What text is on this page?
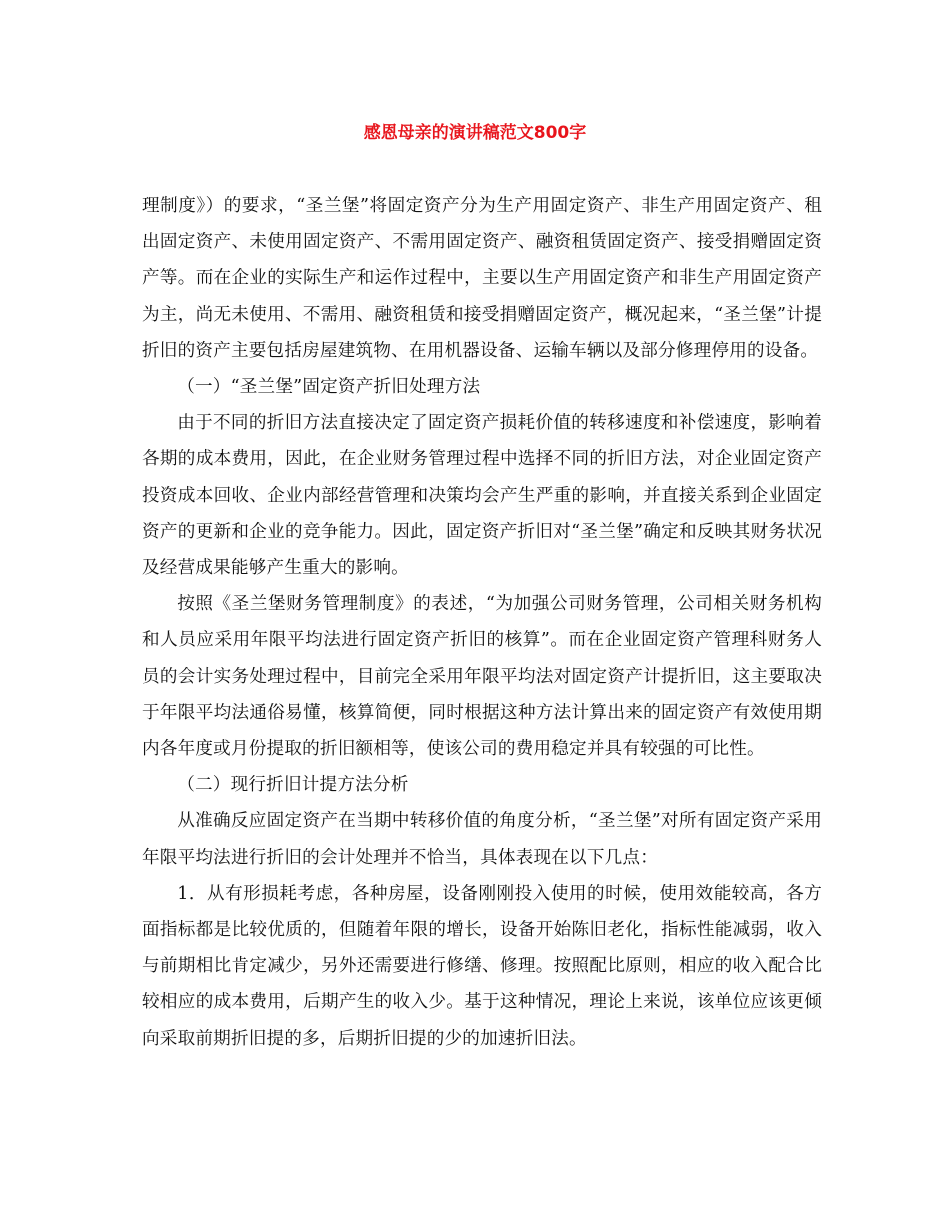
感恩母亲的演讲稿范文800字

理制度》）的要求，“圣兰堡”将固定资产分为生产用固定资产、非生产用固定资产、租出固定资产、未使用固定资产、不需用固定资产、融资租赁固定资产、接受捐赠固定资产等。而在企业的实际生产和运作过程中，主要以生产用固定资产和非生产用固定资产为主，尚无未使用、不需用、融资租赁和接受捐赠固定资产，概况起来，“圣兰堡”计提折旧的资产主要包括房屋建筑物、在用机器设备、运输车辆以及部分修理停用的设备。

（一）“圣兰堡”固定资产折旧处理方法

由于不同的折旧方法直接决定了固定资产损耗价值的转移速度和补偿速度，影响着各期的成本费用，因此，在企业财务管理过程中选择不同的折旧方法，对企业固定资产投资成本回收、企业内部经营管理和决策均会产生严重的影响，并直接关系到企业固定资产的更新和企业的竞争能力。因此，固定资产折旧对“圣兰堡”确定和反映其财务状况及经营成果能够产生重大的影响。

按照《圣兰堡财务管理制度》的表述，“为加强公司财务管理，公司相关财务机构和人员应采用年限平均法进行固定资产折旧的核算”。而在企业固定资产管理科财务人员的会计实务处理过程中，目前完全采用年限平均法对固定资产计提折旧，这主要取决于年限平均法通俗易懂，核算简便，同时根据这种方法计算出来的固定资产有效使用期内各年度或月份提取的折旧额相等，使该公司的费用稳定并具有较强的可比性。

（二）现行折旧计提方法分析

从准确反应固定资产在当期中转移价值的角度分析，“圣兰堡”对所有固定资产采用年限平均法进行折旧的会计处理并不恰当，具体表现在以下几点：

1．从有形损耗考虑，各种房屋，设备刚刚投入使用的时候，使用效能较高，各方面指标都是比较优质的，但随着年限的增长，设备开始陈旧老化，指标性能减弱，收入与前期相比肯定减少，另外还需要进行修缮、修理。按照配比原则，相应的收入配合比较相应的成本费用，后期产生的收入少。基于这种情况，理论上来说，该单位应该更倾向采取前期折旧提的多，后期折旧提的少的加速折旧法。
